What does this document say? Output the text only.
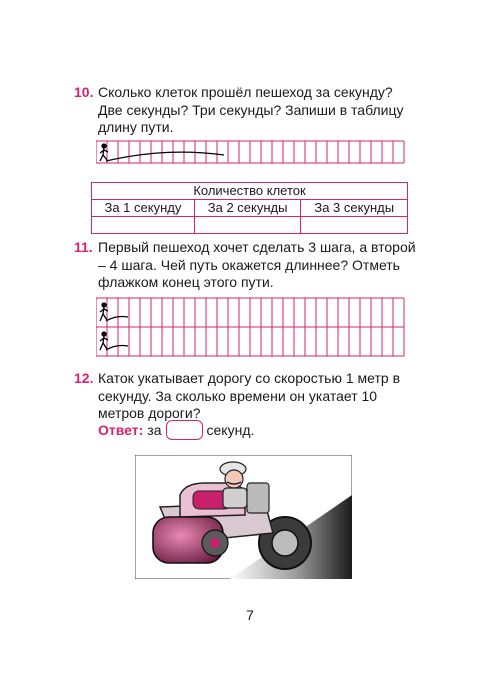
10. Сколько клеток прошёл пешеход за секунду? Две секунды? Три секунды? Запиши в таблицу длину пути.
Количество клеток		
За 1 секунду	За 2 секунды	За 3 секунды

11. Первый пешеход хочет сделать 3 шага, а второй – 4 шага. Чей путь окажется длиннее? Отметь флажком конец этого пути.
12. Каток укатывает дорогу со скоростью 1 метр в секунду. За сколько времени он укатает 10 метров дороги?
Ответ: за	секунд.
7
